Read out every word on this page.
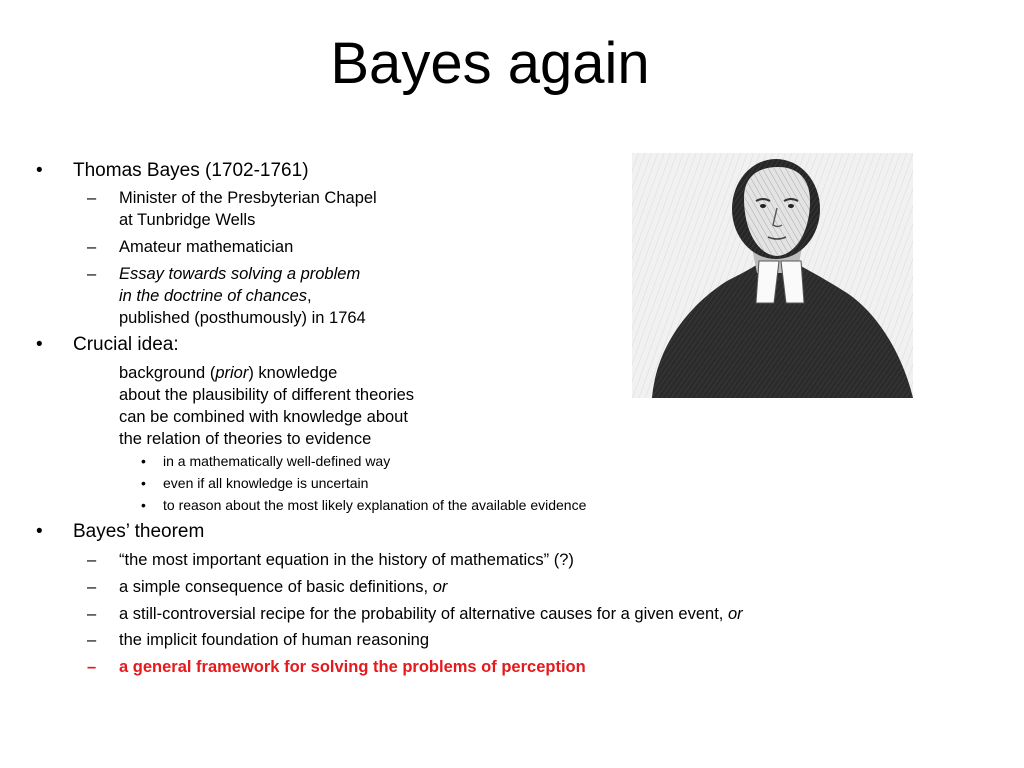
Bayes again
• Thomas Bayes (1702-1761)
– Minister of the Presbyterian Chapel
at Tunbridge Wells
– Amateur mathematician
– Essay towards solving a problem
in the doctrine of chances,
published (posthumously) in 1764
• Crucial idea:
background (prior) knowledge
about the plausibility of different theories
can be combined with knowledge about
the relation of theories to evidence
• in a mathematically well-defined way
• even if all knowledge is uncertain
• to reason about the most likely explanation of the available evidence
• Bayes’ theorem
– “the most important equation in the history of mathematics” (?)
– a simple consequence of basic definitions, or
– a still-controversial recipe for the probability of alternative causes for a given event, or
– the implicit foundation of human reasoning
– a general framework for solving the problems of perception
